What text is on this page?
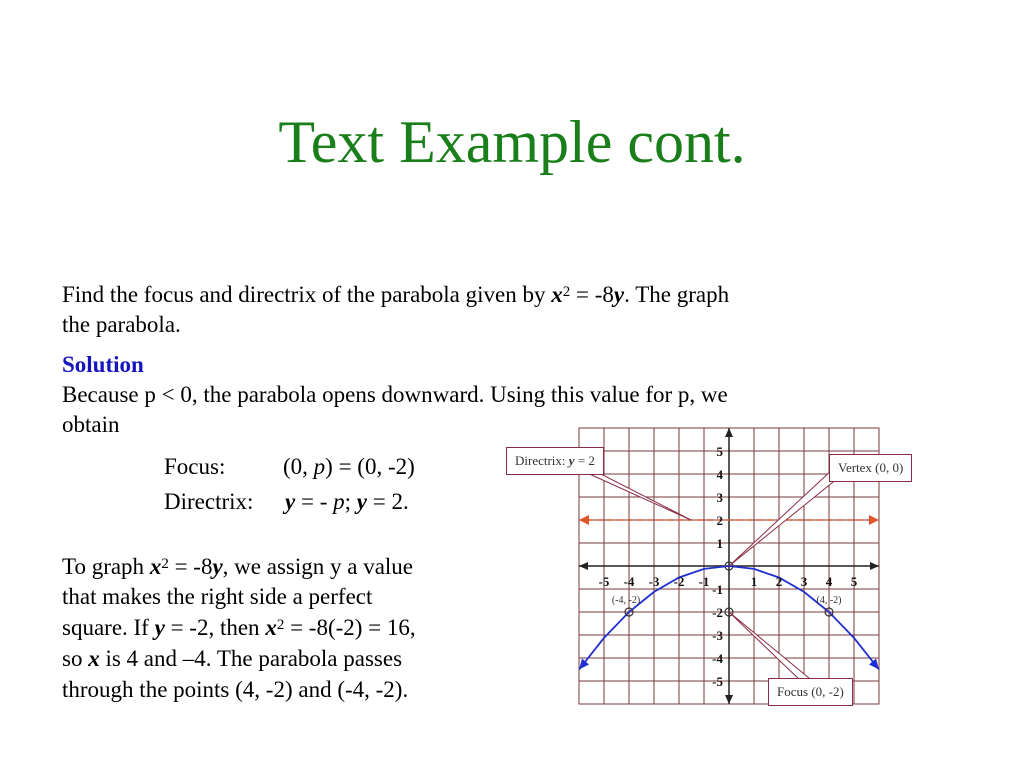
Text Example cont.
Find the focus and directrix of the parabola given by $x^2 = -8y$. The graph
the parabola.
Solution
Because p < 0, the parabola opens downward. Using this value for p, we
obtain
Focus:	(0, p) = (0, -2)
Directrix: y = - p; y = 2.
To graph $x^2 = -8y$, we assign y a value
that makes the right side a perfect
square. If y = -2, then $x^2 = -8(-2) = 16$,
so x is 4 and –4. The parabola passes
through the points (4, -2) and (-4, -2).
-5 -4 -3 -2 -1	1 2 3 4 5
5
4
3
2
1
-1
-2
-3
-4
-5
(-4, -2)	(4, -2)
Directrix: y = 2	Vertex (0, 0)
Focus (0, -2)
